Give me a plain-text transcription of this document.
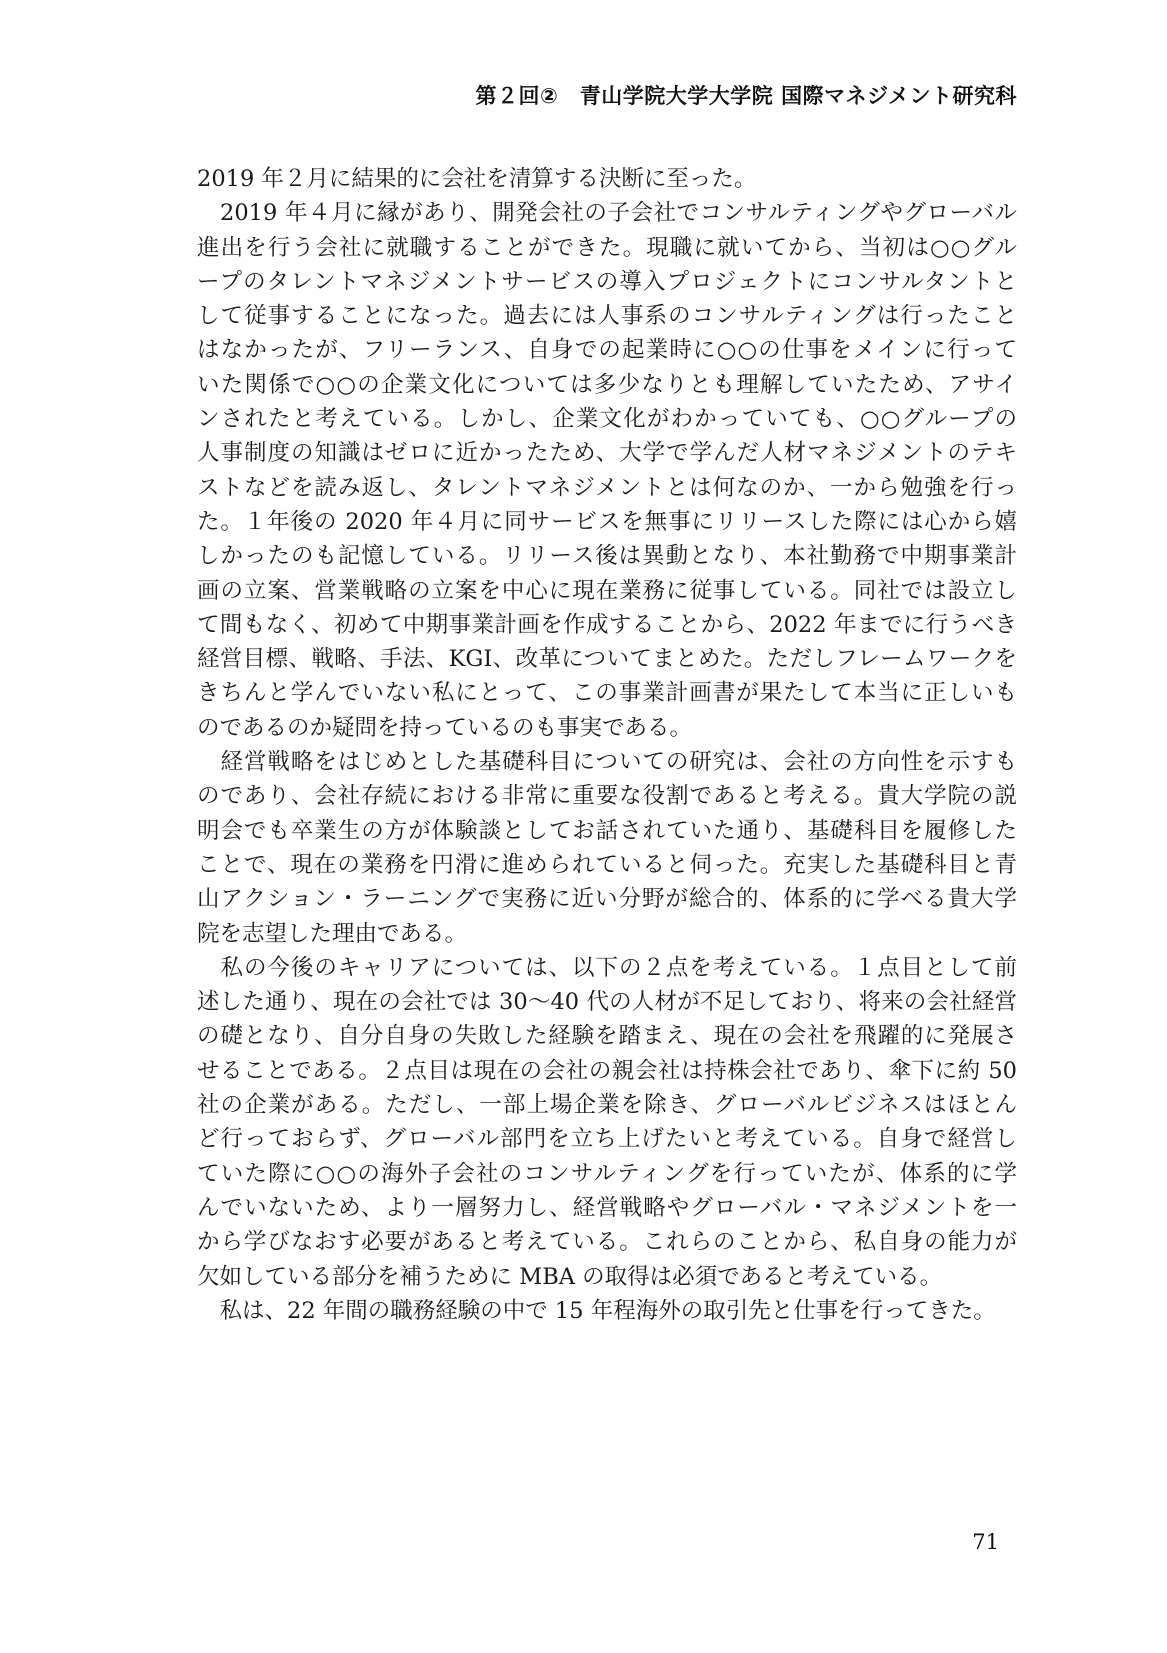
第２回②　青山学院大学大学院 国際マネジメント研究科
2019 年２月に結果的に会社を清算する決断に至った。
　2019 年４月に縁があり、開発会社の子会社でコンサルティングやグローバル
進出を行う会社に就職することができた。現職に就いてから、当初は○○グル
ープのタレントマネジメントサービスの導入プロジェクトにコンサルタントと
して従事することになった。過去には人事系のコンサルティングは行ったこと
はなかったが、フリーランス、自身での起業時に○○の仕事をメインに行って
いた関係で○○の企業文化については多少なりとも理解していたため、アサイ
ンされたと考えている。しかし、企業文化がわかっていても、○○グループの
人事制度の知識はゼロに近かったため、大学で学んだ人材マネジメントのテキ
ストなどを読み返し、タレントマネジメントとは何なのか、一から勉強を行っ
た。１年後の 2020 年４月に同サービスを無事にリリースした際には心から嬉
しかったのも記憶している。リリース後は異動となり、本社勤務で中期事業計
画の立案、営業戦略の立案を中心に現在業務に従事している。同社では設立し
て間もなく、初めて中期事業計画を作成することから、2022 年までに行うべき
経営目標、戦略、手法、KGI、改革についてまとめた。ただしフレームワークを
きちんと学んでいない私にとって、この事業計画書が果たして本当に正しいも
のであるのか疑問を持っているのも事実である。
　経営戦略をはじめとした基礎科目についての研究は、会社の方向性を示すも
のであり、会社存続における非常に重要な役割であると考える。貴大学院の説
明会でも卒業生の方が体験談としてお話されていた通り、基礎科目を履修した
ことで、現在の業務を円滑に進められていると伺った。充実した基礎科目と青
山アクション・ラーニングで実務に近い分野が総合的、体系的に学べる貴大学
院を志望した理由である。
　私の今後のキャリアについては、以下の２点を考えている。１点目として前
述した通り、現在の会社では 30～40 代の人材が不足しており、将来の会社経営
の礎となり、自分自身の失敗した経験を踏まえ、現在の会社を飛躍的に発展さ
せることである。２点目は現在の会社の親会社は持株会社であり、傘下に約 50
社の企業がある。ただし、一部上場企業を除き、グローバルビジネスはほとん
ど行っておらず、グローバル部門を立ち上げたいと考えている。自身で経営し
ていた際に○○の海外子会社のコンサルティングを行っていたが、体系的に学
んでいないため、より一層努力し、経営戦略やグローバル・マネジメントを一
から学びなおす必要があると考えている。これらのことから、私自身の能力が
欠如している部分を補うために MBA の取得は必須であると考えている。
　私は、22 年間の職務経験の中で 15 年程海外の取引先と仕事を行ってきた。
71
